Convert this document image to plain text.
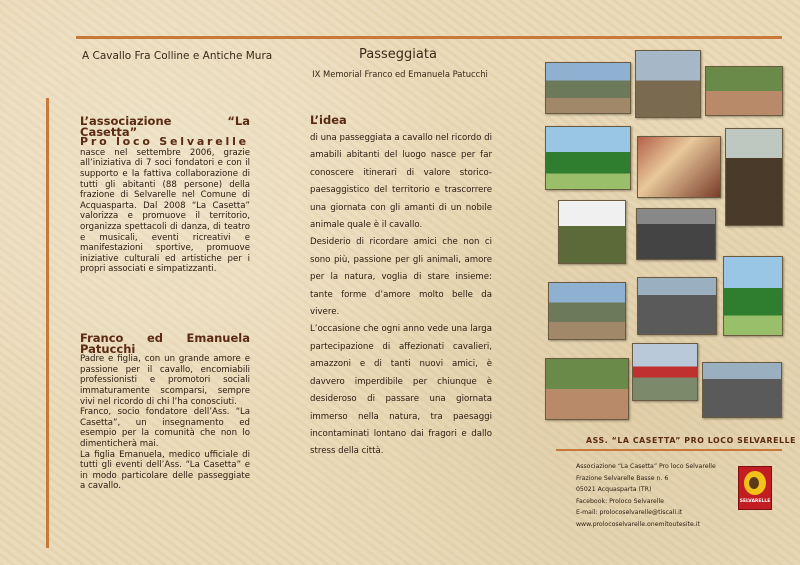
A Cavallo Fra Colline e Antiche Mura	Passeggiata
IX Memorial Franco ed Emanuela Patucchi
L’associazione “La Casetta”
Pro loco Selvarelle

nasce nel settembre 2006, grazie all’iniziativa di 7 soci fondatori e con il supporto e la fattiva collaborazione di tutti gli abitanti (88 persone) della frazione di Selvarelle nel Comune di Acquasparta. Dal 2008 “La Casetta” valorizza e promuove il territorio, organizza spettacoli di danza, di teatro e musicali, eventi ricreativi e manifestazioni sportive, promuove iniziative culturali ed artistiche per i propri associati e simpatizzanti.

Franco ed Emanuela Patucchi

Padre e figlia, con un grande amore e passione per il cavallo, encomiabili professionisti e promotori sociali immaturamente scomparsi, sempre vivi nel ricordo di chi l’ha conosciuti.

Franco, socio fondatore dell’Ass. “La Casetta”, un insegnamento ed esempio per la comunità che non lo dimenticherà mai.

La figlia Emanuela, medico ufficiale di tutti gli eventi dell’Ass. “La Casetta” e in modo particolare delle passeggiate a cavallo.

L’idea

di una passeggiata a cavallo nel ricordo di amabili abitanti del luogo nasce per far conoscere itinerari di valore storico-paesaggistico del territorio e trascorrere una giornata con gli amanti di un nobile animale quale è il cavallo.

Desiderio di ricordare amici che non ci sono più, passione per gli animali, amore per la natura, voglia di stare insieme: tante forme d’amore molto belle da vivere.

L’occasione che ogni anno vede una larga partecipazione di affezionati cavalieri, amazzoni e di tanti nuovi amici, è davvero imperdibile per chiunque è desideroso di passare una giornata immerso nella natura, tra paesaggi incontaminati lontano dai fragori e dallo stress della città.

ASS. “LA CASETTA” PRO LOCO SELVARELLE
Associazione “La Casetta” Pro loco Selvarelle
Frazione Selvarelle Basse n. 6
05021 Acquasparta (TR)
Facebook: Proloco Selvarelle
E-mail: prolocoselvarelle@tiscali.it
www.prolocoselvarelle.onemitoutesite.it
SELVARELLE
